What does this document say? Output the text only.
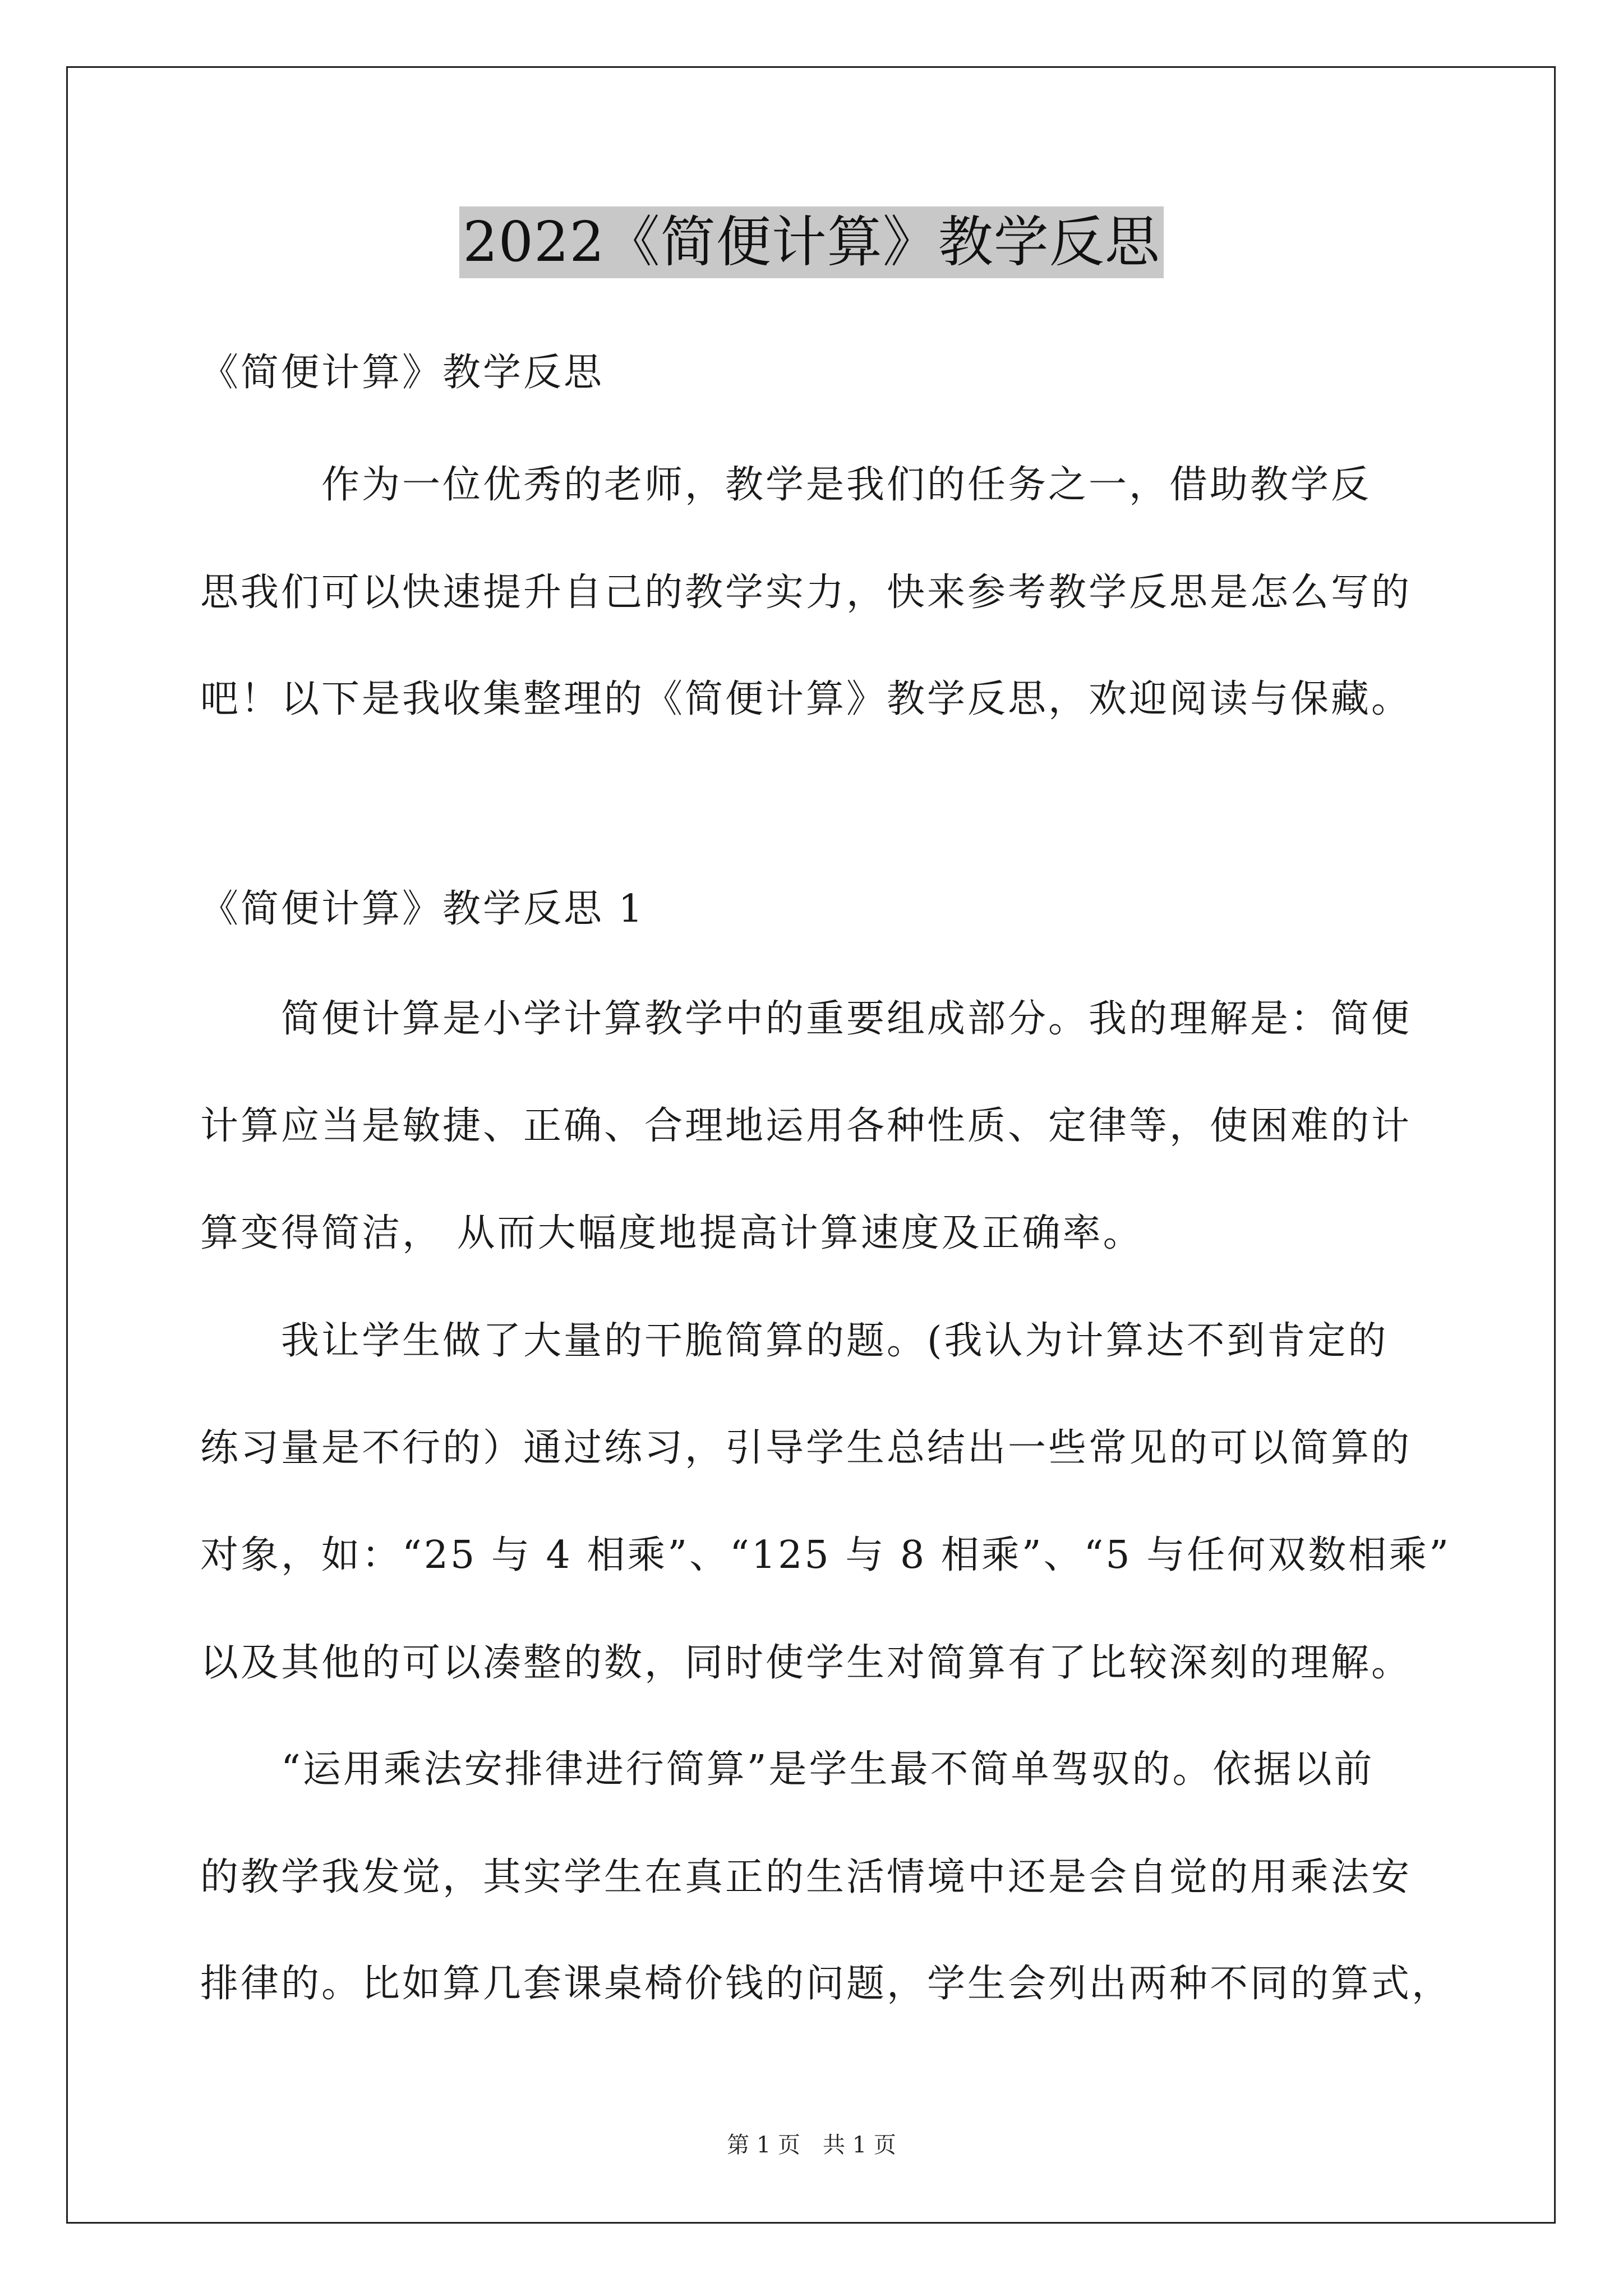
2022《简便计算》教学反思
《简便计算》教学反思
　　　作为一位优秀的老师，教学是我们的任务之一，借助教学反
思我们可以快速提升自己的教学实力，快来参考教学反思是怎么写的
吧！以下是我收集整理的《简便计算》教学反思，欢迎阅读与保藏。
《简便计算》教学反思 1
　　简便计算是小学计算教学中的重要组成部分。我的理解是：简便
计算应当是敏捷、正确、合理地运用各种性质、定律等，使困难的计
算变得简洁， 从而大幅度地提高计算速度及正确率。
　　我让学生做了大量的干脆简算的题。(我认为计算达不到肯定的
练习量是不行的）通过练习，引导学生总结出一些常见的可以简算的
对象，如：“25 与 4 相乘”、“125 与 8 相乘”、“5 与任何双数相乘”
以及其他的可以凑整的数，同时使学生对简算有了比较深刻的理解。
　　“运用乘法安排律进行简算”是学生最不简单驾驭的。依据以前
的教学我发觉，其实学生在真正的生活情境中还是会自觉的用乘法安
排律的。比如算几套课桌椅价钱的问题，学生会列出两种不同的算式，
第 1 页　共 1 页
